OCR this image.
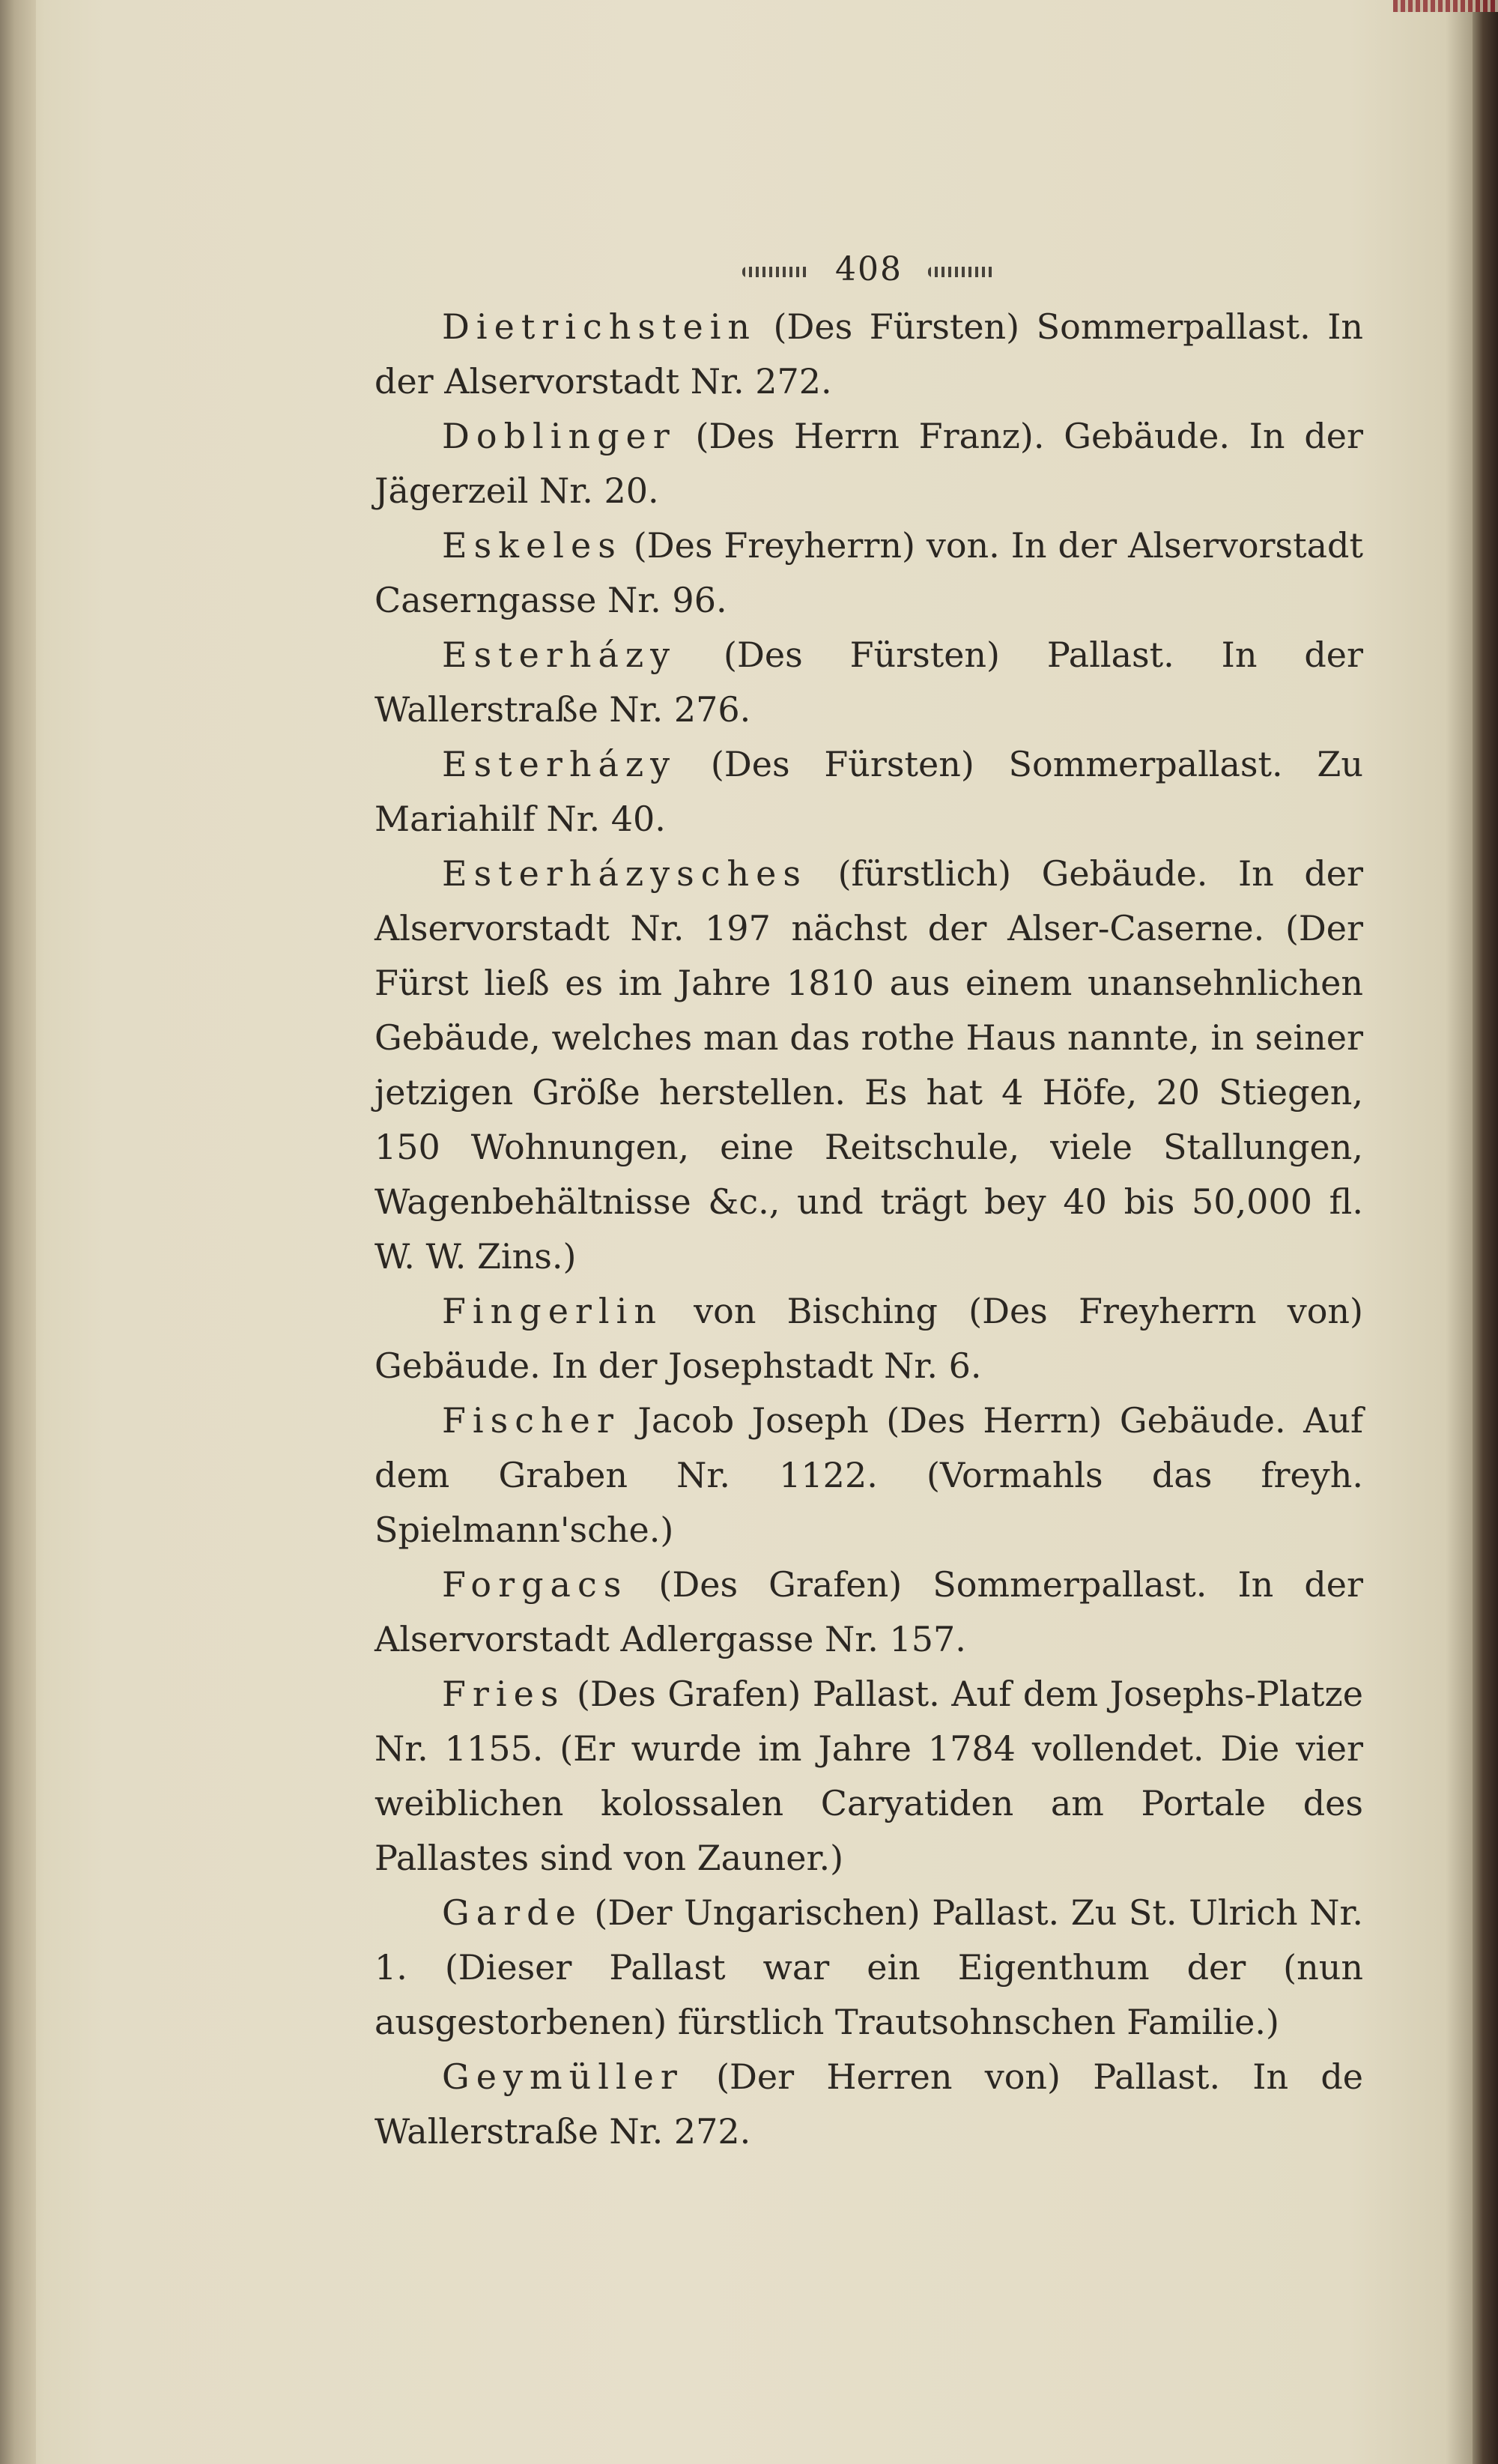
408

Dietrichstein (Des Fürsten) Sommerpallast. In der Alservorstadt Nr. 272.

Doblinger (Des Herrn Franz). Gebäude. In der Jägerzeil Nr. 20.

Eskeles (Des Freyherrn) von. In der Alservorstadt Caserngasse Nr. 96.

Esterházy (Des Fürsten) Pallast. In der Wallerstraße Nr. 276.

Esterházy (Des Fürsten) Sommerpallast. Zu Mariahilf Nr. 40.

Esterházysches (fürstlich) Gebäude. In der Alservorstadt Nr. 197 nächst der Alser-Caserne. (Der Fürst ließ es im Jahre 1810 aus einem unansehnlichen Gebäude, welches man das rothe Haus nannte, in seiner jetzigen Größe herstellen. Es hat 4 Höfe, 20 Stiegen, 150 Wohnungen, eine Reitschule, viele Stallungen, Wagenbehältnisse &c., und trägt bey 40 bis 50,000 fl. W. W. Zins.)

Fingerlin von Bisching (Des Freyherrn von) Gebäude. In der Josephstadt Nr. 6.

Fischer Jacob Joseph (Des Herrn) Gebäude. Auf dem Graben Nr. 1122. (Vormahls das freyh. Spielmann'sche.)

Forgacs (Des Grafen) Sommerpallast. In der Alservorstadt Adlergasse Nr. 157.

Fries (Des Grafen) Pallast. Auf dem Josephs-Platze Nr. 1155. (Er wurde im Jahre 1784 vollendet. Die vier weiblichen kolossalen Caryatiden am Portale des Pallastes sind von Zauner.)

Garde (Der Ungarischen) Pallast. Zu St. Ulrich Nr. 1. (Dieser Pallast war ein Eigenthum der (nun ausgestorbenen) fürstlich Trautsohnschen Familie.)

Geymüller (Der Herren von) Pallast. In de Wallerstraße Nr. 272.
